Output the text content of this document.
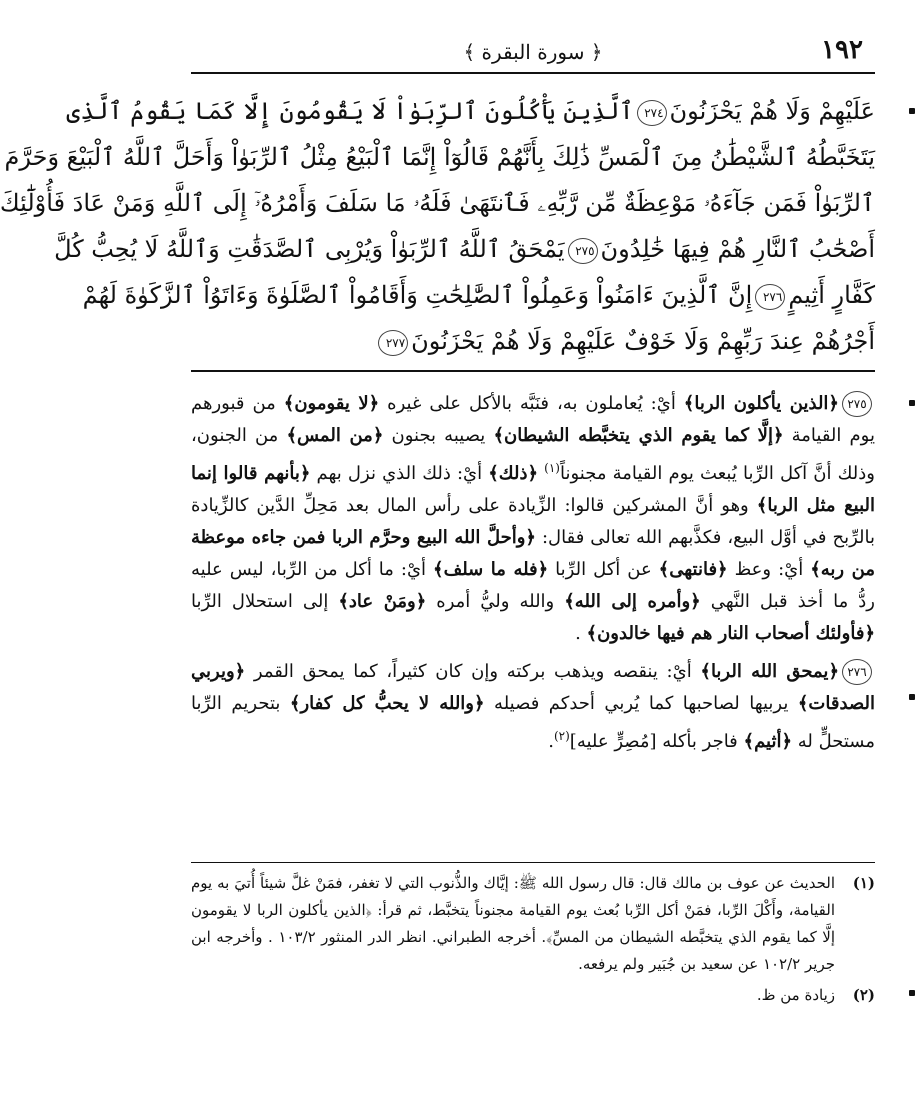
١٩٢
﴿ سورة البقرة ﴾
عَلَيْهِمْ وَلَا هُمْ يَحْزَنُونَ٢٧٤ٱلَّذِينَ يَأْكُلُونَ ٱلرِّبَوٰاْ لَا يَقُومُونَ إِلَّا كَمَا يَقُومُ ٱلَّذِى
يَتَخَبَّطُهُ ٱلشَّيْطَٰنُ مِنَ ٱلْمَسِّ ذَٰلِكَ بِأَنَّهُمْ قَالُوٓاْ إِنَّمَا ٱلْبَيْعُ مِثْلُ ٱلرِّبَوٰاْ وَأَحَلَّ ٱللَّهُ ٱلْبَيْعَ وَحَرَّمَ
ٱلرِّبَوٰاْ فَمَن جَآءَهُۥ مَوْعِظَةٌ مِّن رَّبِّهِۦ فَٱنتَهَىٰ فَلَهُۥ مَا سَلَفَ وَأَمْرُهُۥٓ إِلَى ٱللَّهِ وَمَنْ عَادَ فَأُوْلَٰٓئِكَ
أَصْحَٰبُ ٱلنَّارِ هُمْ فِيهَا خَٰلِدُونَ٢٧٥يَمْحَقُ ٱللَّهُ ٱلرِّبَوٰاْ وَيُرْبِى ٱلصَّدَقَٰتِ وَٱللَّهُ لَا يُحِبُّ كُلَّ
كَفَّارٍ أَثِيمٍ٢٧٦إِنَّ ٱلَّذِينَ ءَامَنُواْ وَعَمِلُواْ ٱلصَّٰلِحَٰتِ وَأَقَامُواْ ٱلصَّلَوٰةَ وَءَاتَوُاْ ٱلزَّكَوٰةَ لَهُمْ
أَجْرُهُمْ عِندَ رَبِّهِمْ وَلَا خَوْفٌ عَلَيْهِمْ وَلَا هُمْ يَحْزَنُونَ٢٧٧

٢٧٥﴿الذين يأكلون الربا﴾ أيْ: يُعاملون به، فنَبَّه بالأكل على غيره ﴿لا يقومون﴾ من قبورهم يوم القيامة ﴿إلَّا كما يقوم الذي يتخبَّطه الشيطان﴾ يصيبه بجنون ﴿من المس﴾ من الجنون، وذلك أنَّ آكل الرِّبا يُبعث يوم القيامة مجنوناً$^{(١)}$ ﴿ذلك﴾ أيْ: ذلك الذي نزل بهم ﴿بأنهم قالوا إنما البيع مثل الربا﴾ وهو أنَّ المشركين قالوا: الزِّيادة على رأس المال بعد مَحِلِّ الدَّين كالزِّيادة بالرِّبح في أوَّل البيع، فكذَّبهم الله تعالى فقال: ﴿وأحلَّ الله البيع وحرَّم الربا فمن جاءه موعظة من ربه﴾ أيْ: وعظ ﴿فانتهى﴾ عن أكل الرِّبا ﴿فله ما سلف﴾ أيْ: ما أكل من الرِّبا، ليس عليه ردُّ ما أخذ قبل النَّهي ﴿وأمره إلى الله﴾ والله وليُّ أمره ﴿ومَنْ عاد﴾ إلى استحلال الرِّبا ﴿فأولئك أصحاب النار هم فيها خالدون﴾ .

٢٧٦﴿يمحق الله الربا﴾ أيْ: ينقصه ويذهب بركته وإن كان كثيراً، كما يمحق القمر ﴿ويربي الصدقات﴾ يربيها لصاحبها كما يُربي أحدكم فصيله ﴿والله لا يحبُّ كل كفار﴾ بتحريم الرِّبا مستحلٍّ له ﴿أثيم﴾ فاجر بأكله [مُصِرٍّ عليه]$^{(٢)}$.

(١)
الحديث عن عوف بن مالك قال: قال رسول الله ﷺ: إيَّاك والذُّنوب التي لا تغفر، فمَنْ غلَّ شيئاً أُتيَ به يوم القيامة، وأَكْلَ الرِّبا، فمَنْ أكل الرِّبا بُعث يوم القيامة مجنوناً يتخبَّط، ثم قرأ: ﴿الذين يأكلون الربا لا يقومون إلَّا كما يقوم الذي يتخبَّطه الشيطان من المسِّ﴾. أخرجه الطبراني. انظر الدر المنثور ١٠٣/٢ . وأخرجه ابن جرير ١٠٢/٢ عن سعيد بن جُبَير ولم يرفعه.
(٢)
زيادة من ظ.
